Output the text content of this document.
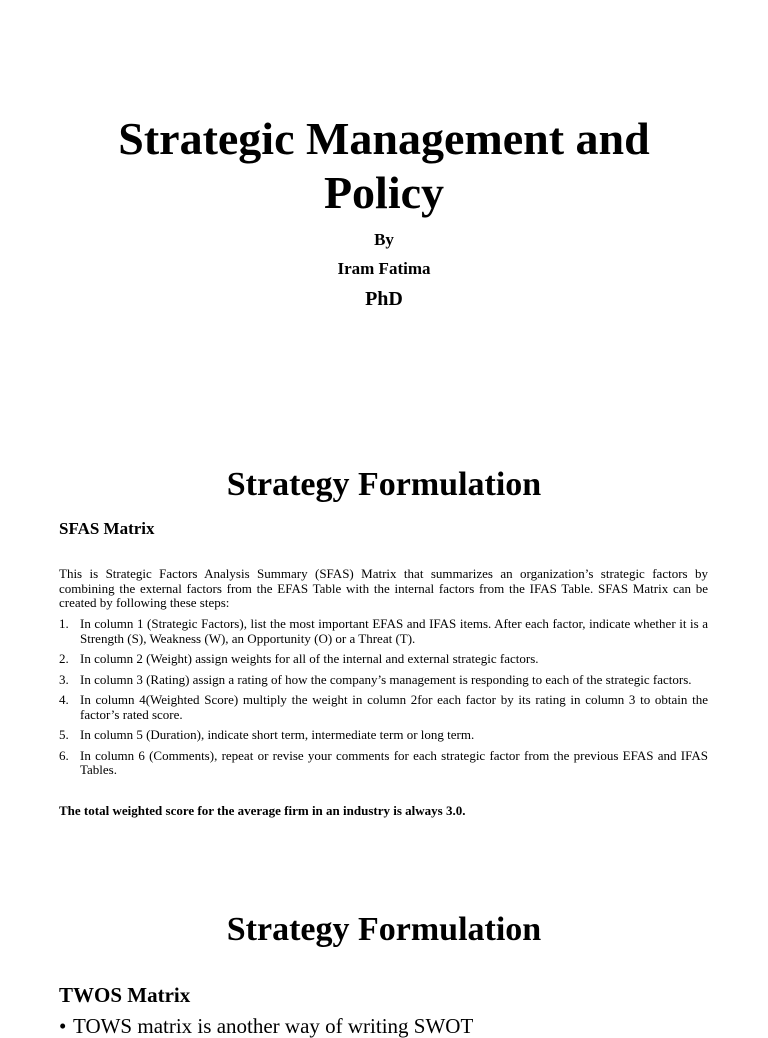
Strategic Management and Policy

By

Iram Fatima

PhD

Strategy Formulation
SFAS Matrix

This is Strategic Factors Analysis Summary (SFAS) Matrix that summarizes an organization’s strategic factors by combining the external factors from the EFAS Table with the internal factors from the IFAS Table. SFAS Matrix can be created by following these steps:

1. In column 1 (Strategic Factors), list the most important EFAS and IFAS items. After each factor, indicate whether it is a Strength (S), Weakness (W), an Opportunity (O) or a Threat (T).
2. In column 2 (Weight) assign weights for all of the internal and external strategic factors.
3. In column 3 (Rating) assign a rating of how the company’s management is responding to each of the strategic factors.
4. In column 4(Weighted Score) multiply the weight in column 2for each factor by its rating in column 3 to obtain the factor’s rated score.
5. In column 5 (Duration), indicate short term, intermediate term or long term.
6. In column 6 (Comments), repeat or revise your comments for each strategic factor from the previous EFAS and IFAS Tables.

The total weighted score for the average firm in an industry is always 3.0.

Strategy Formulation
TWOS Matrix

• TOWS matrix is another way of writing SWOT
